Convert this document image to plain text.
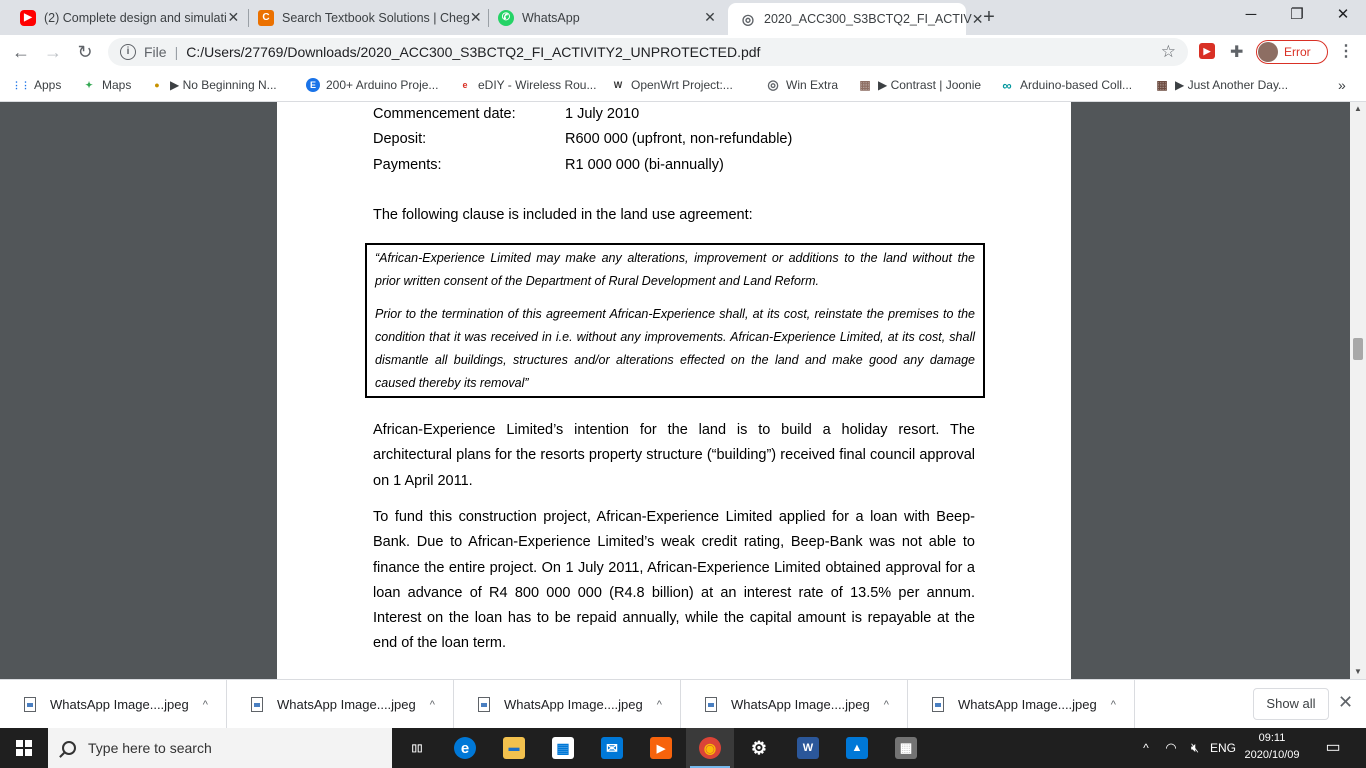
▶ (2) Complete design and simulati ✕	C Search Textbook Solutions | Cheg ✕	✆ WhatsApp	✕ ◎ 2020_ACC300_S3BCTQ2_FI_ACTIV ✕ +	─	❐	✕
← → ↻	i	File | C:/Users/27769/Downloads/2020_ACC300_S3BCTQ2_FI_ACTIVITY2_UNPROTECTED.pdf	☆	▶ ✚	Error ⋮
⋮⋮ Apps	✦ Maps	● ▶ No Beginning N...	E 200+ Arduino Proje...	e eDIY - Wireless Rou...	W OpenWrt Project:...	◎ Win Extra ▦ ▶ Contrast | Joonie ∞ Arduino-based Coll... ▦ ▶ Just Another Day...	»
Commencement date:	1 July 2010
Deposit:	R600 000 (upfront, non-refundable)
Payments:	R1 000 000 (bi-annually)
The following clause is included in the land use agreement:

“African-Experience Limited may make any alterations, improvement or additions to the land without the prior written consent of the Department of Rural Development and Land Reform.

Prior to the termination of this agreement African-Experience shall, at its cost, reinstate the premises to the condition that it was received in i.e. without any improvements. African-Experience Limited, at its cost, shall dismantle all buildings, structures and/or alterations effected on the land and make good any damage caused thereby its removal”

African-Experience Limited’s intention for the land is to build a holiday resort. The architectural plans for the resorts property structure (“building”) received final council approval on 1 April 2011.
To fund this construction project, African-Experience Limited applied for a loan with Beep-Bank. Due to African-Experience Limited’s weak credit rating, Beep-Bank was not able to finance the entire project. On 1 July 2011, African-Experience Limited obtained approval for a loan advance of R4 800 000 000 (R4.8 billion) at an interest rate of 13.5% per annum. Interest on the loan has to be repaid annually, while the capital amount is repayable at the end of the loan term.
▲
▼
WhatsApp Image....jpeg ^	WhatsApp Image....jpeg ^	WhatsApp Image....jpeg ^	WhatsApp Image....jpeg ^	WhatsApp Image....jpeg ^	Show all	✕
Type here to search	▯▯	e	▬	▦	✉	▶	◉ ⚙	W	▲	▦	^	◠	🔇︎ ENG
09:11
2020/10/09	▭
